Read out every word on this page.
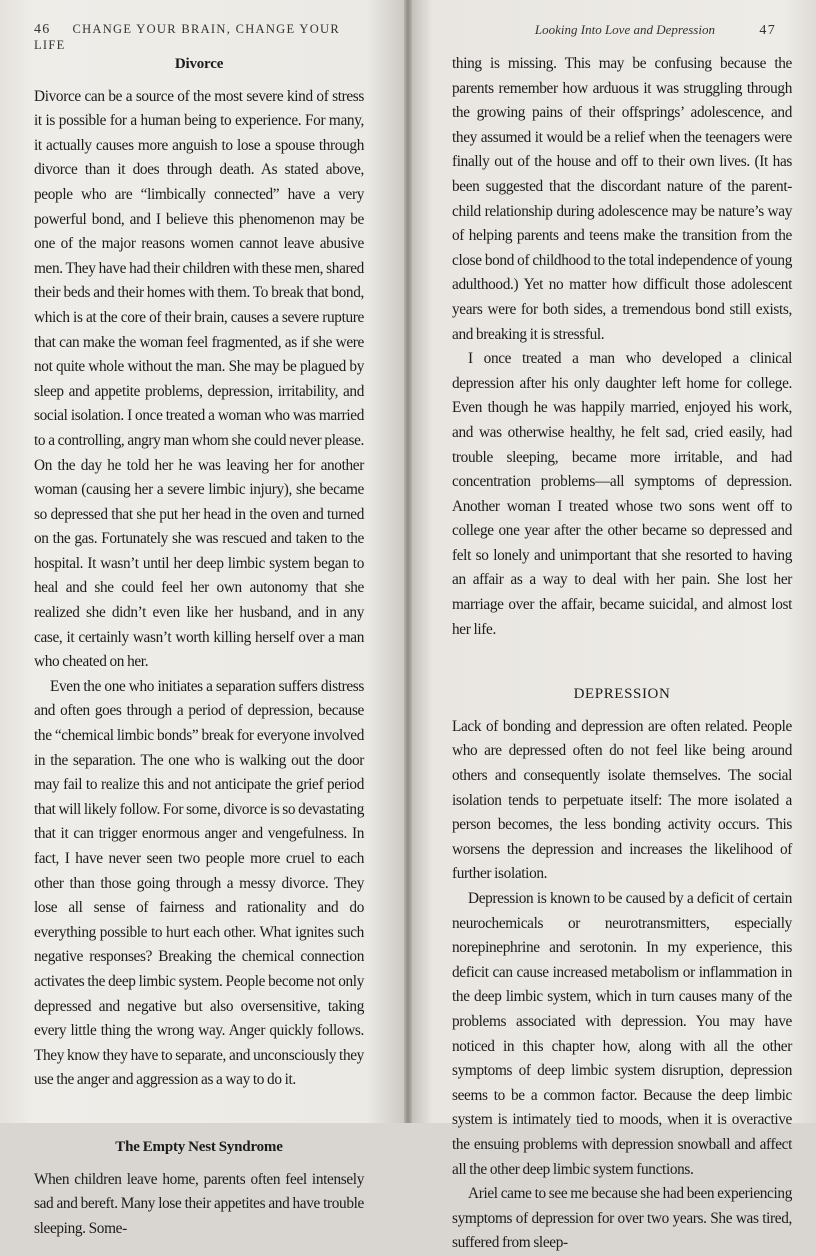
46 CHANGE YOUR BRAIN, CHANGE YOUR LIFE
Divorce

Divorce can be a source of the most severe kind of stress it is possible for a human being to experience. For many, it actually causes more anguish to lose a spouse through divorce than it does through death. As stated above, people who are “limbically connected” have a very powerful bond, and I believe this phenomenon may be one of the major reasons women cannot leave abusive men. They have had their children with these men, shared their beds and their homes with them. To break that bond, which is at the core of their brain, causes a severe rupture that can make the woman feel fragmented, as if she were not quite whole without the man. She may be plagued by sleep and appetite problems, depression, irritability, and social isolation. I once treated a woman who was married to a controlling, angry man whom she could never please. On the day he told her he was leaving her for another woman (causing her a severe limbic injury), she became so depressed that she put her head in the oven and turned on the gas. Fortunately she was rescued and taken to the hospital. It wasn’t until her deep limbic system began to heal and she could feel her own autonomy that she realized she didn’t even like her husband, and in any case, it certainly wasn’t worth killing herself over a man who cheated on her.

Even the one who initiates a separation suffers distress and often goes through a period of depression, because the “chemical limbic bonds” break for everyone involved in the separation. The one who is walking out the door may fail to realize this and not anticipate the grief period that will likely follow. For some, divorce is so devastating that it can trigger enormous anger and vengefulness. In fact, I have never seen two people more cruel to each other than those going through a messy divorce. They lose all sense of fairness and rationality and do everything possible to hurt each other. What ignites such negative responses? Breaking the chemical connection activates the deep limbic system. People become not only depressed and negative but also oversensitive, taking every little thing the wrong way. Anger quickly follows. They know they have to separate, and unconsciously they use the anger and aggression as a way to do it.

The Empty Nest Syndrome

When children leave home, parents often feel intensely sad and bereft. Many lose their appetites and have trouble sleeping. Some-

Looking Into Love and Depression	47

thing is missing. This may be confusing because the parents remember how arduous it was struggling through the growing pains of their offsprings’ adolescence, and they assumed it would be a relief when the teenagers were finally out of the house and off to their own lives. (It has been suggested that the discordant nature of the parent-child relationship during adolescence may be nature’s way of helping parents and teens make the transition from the close bond of childhood to the total independence of young adulthood.) Yet no matter how difficult those adolescent years were for both sides, a tremendous bond still exists, and breaking it is stressful.

I once treated a man who developed a clinical depression after his only daughter left home for college. Even though he was happily married, enjoyed his work, and was otherwise healthy, he felt sad, cried easily, had trouble sleeping, became more irritable, and had concentration problems—all symptoms of depression. Another woman I treated whose two sons went off to college one year after the other became so depressed and felt so lonely and unimportant that she resorted to having an affair as a way to deal with her pain. She lost her marriage over the affair, became suicidal, and almost lost her life.

DEPRESSION

Lack of bonding and depression are often related. People who are depressed often do not feel like being around others and consequently isolate themselves. The social isolation tends to perpetuate itself: The more isolated a person becomes, the less bonding activity occurs. This worsens the depression and increases the likelihood of further isolation.

Depression is known to be caused by a deficit of certain neurochemicals or neurotransmitters, especially norepinephrine and serotonin. In my experience, this deficit can cause increased metabolism or inflammation in the deep limbic system, which in turn causes many of the problems associated with depression. You may have noticed in this chapter how, along with all the other symptoms of deep limbic system disruption, depression seems to be a common factor. Because the deep limbic system is intimately tied to moods, when it is overactive the ensuing problems with depression snowball and affect all the other deep limbic system functions.

Ariel came to see me because she had been experiencing symptoms of depression for over two years. She was tired, suffered from sleep-
